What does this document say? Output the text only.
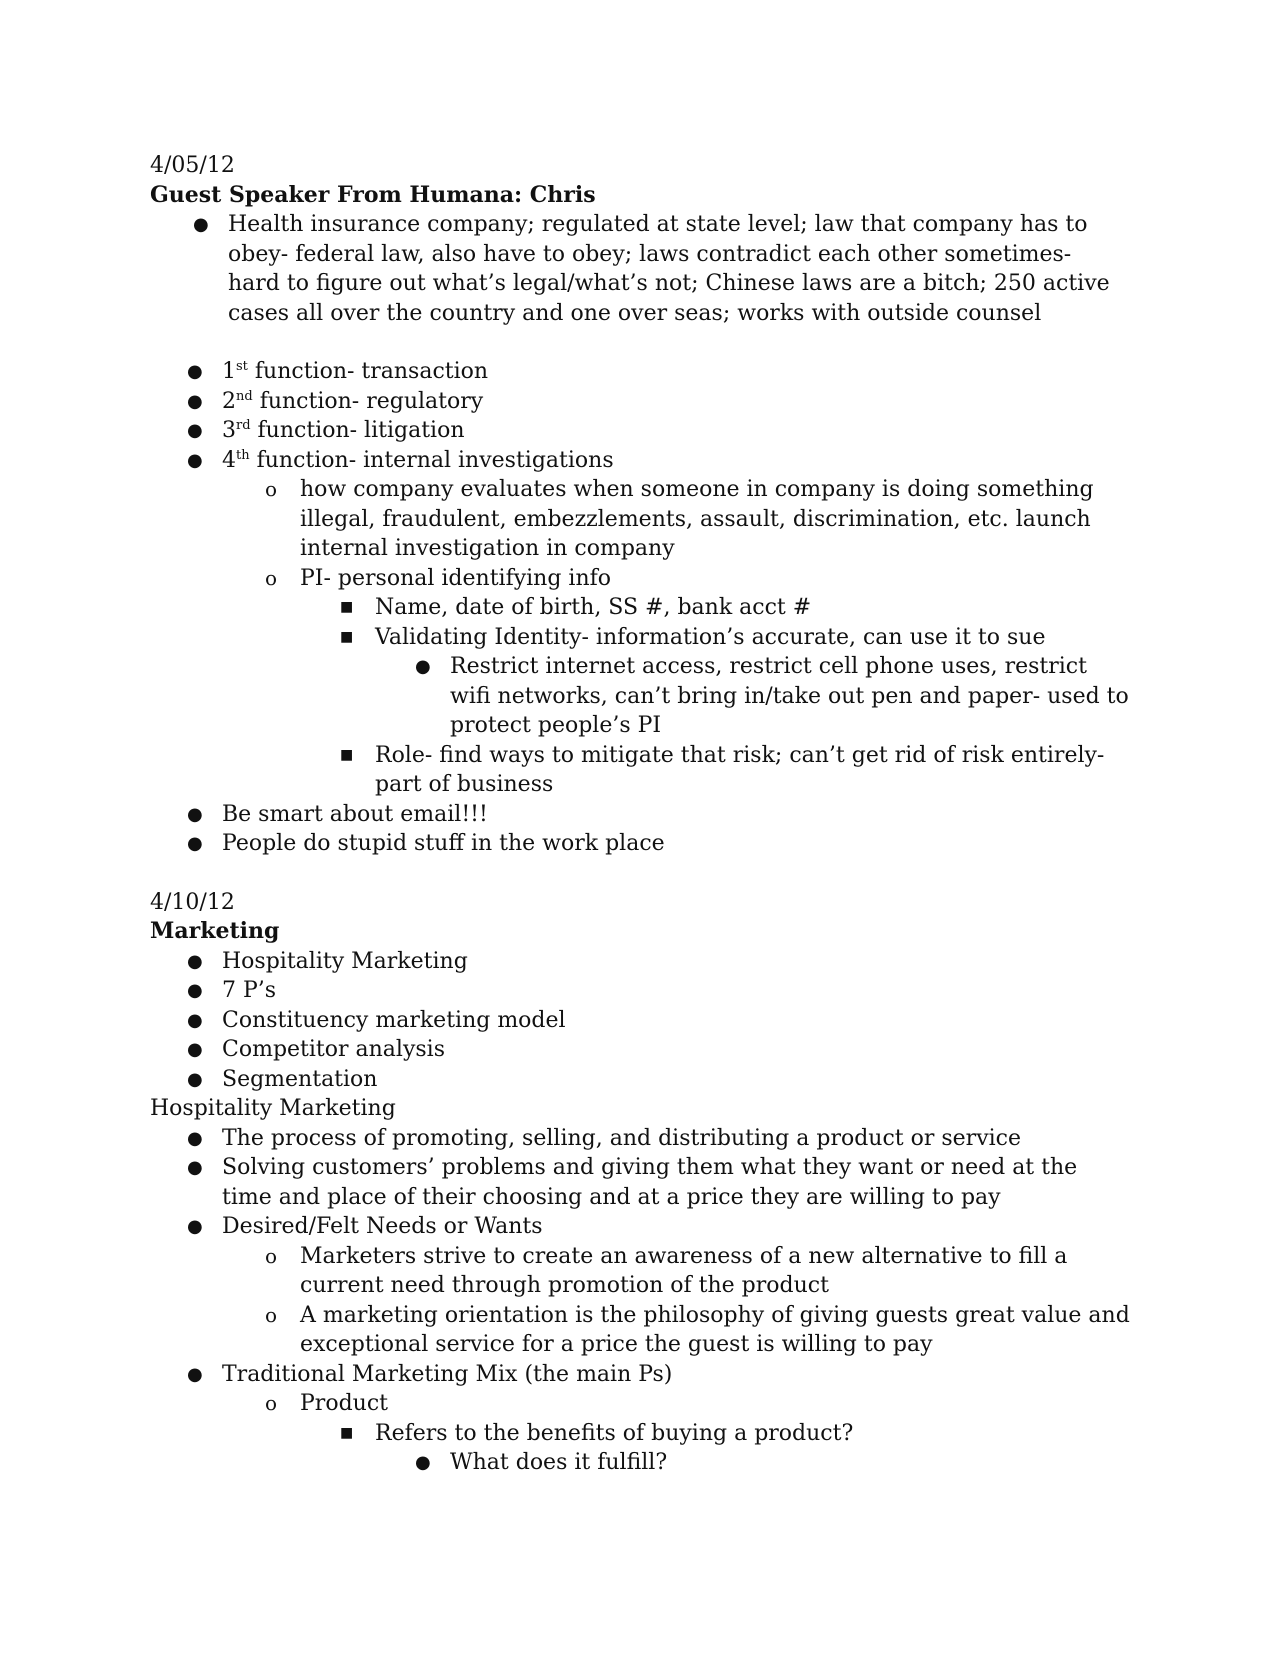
4/05/12

Guest Speaker From Humana: Chris

● Health insurance company; regulated at state level; law that company has to obey- federal law, also have to obey; laws contradict each other sometimes- hard to figure out what’s legal/what’s not; Chinese laws are a bitch; 250 active cases all over the country and one over seas; works with outside counsel
● 1st function- transaction
● 2nd function- regulatory
● 3rd function- litigation
● 4th function- internal investigations
o how company evaluates when someone in company is doing something illegal, fraudulent, embezzlements, assault, discrimination, etc. launch internal investigation in company
o PI- personal identifying info
■ Name, date of birth, SS #, bank acct #
■ Validating Identity- information’s accurate, can use it to sue
● Restrict internet access, restrict cell phone uses, restrict wifi networks, can’t bring in/take out pen and paper- used to protect people’s PI
■ Role- find ways to mitigate that risk; can’t get rid of risk entirely- part of business
● Be smart about email!!!
● People do stupid stuff in the work place

4/10/12

Marketing

● Hospitality Marketing
● 7 P’s
● Constituency marketing model
● Competitor analysis
● Segmentation

Hospitality Marketing

● The process of promoting, selling, and distributing a product or service
● Solving customers’ problems and giving them what they want or need at the time and place of their choosing and at a price they are willing to pay
● Desired/Felt Needs or Wants
o Marketers strive to create an awareness of a new alternative to fill a current need through promotion of the product
o A marketing orientation is the philosophy of giving guests great value and exceptional service for a price the guest is willing to pay
● Traditional Marketing Mix (the main Ps)
o Product
■ Refers to the benefits of buying a product?
● What does it fulfill?
